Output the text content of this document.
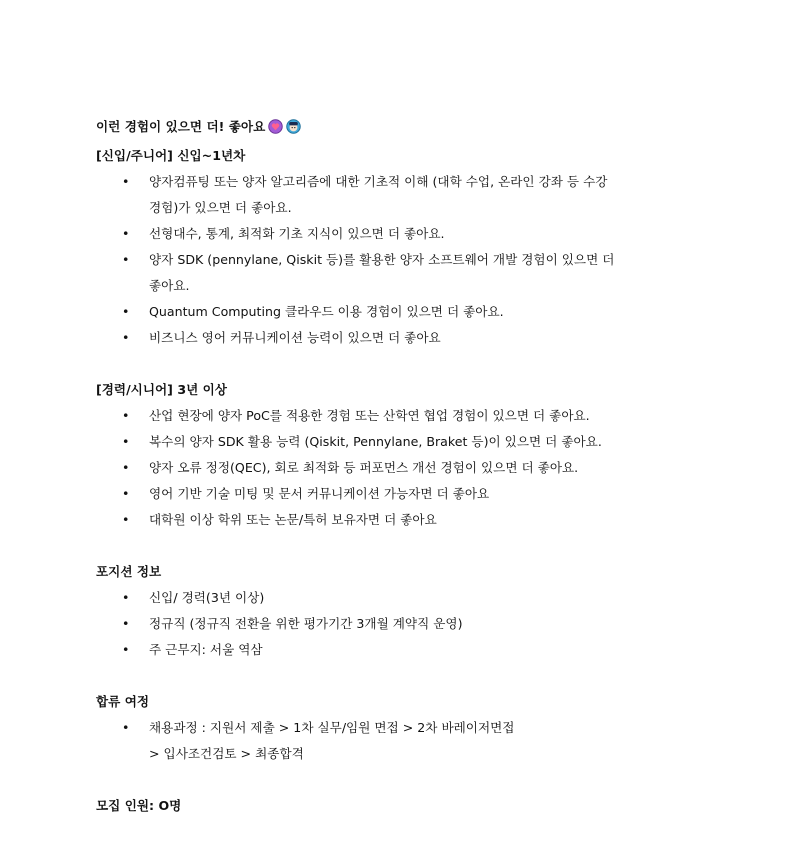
이런 경험이 있으면 더! 좋아요
[신입/주니어] 신입~1년차
•	양자컴퓨팅 또는 양자 알고리즘에 대한 기초적 이해 (대학 수업, 온라인 강좌 등 수강
경험)가 있으면 더 좋아요.
•	선형대수, 통계, 최적화 기초 지식이 있으면 더 좋아요.
•	양자 SDK (pennylane, Qiskit 등)를 활용한 양자 소프트웨어 개발 경험이 있으면 더
좋아요.
•	Quantum Computing 클라우드 이용 경험이 있으면 더 좋아요.
•	비즈니스 영어 커뮤니케이션 능력이 있으면 더 좋아요
[경력/시니어] 3년 이상
•	산업 현장에 양자 PoC를 적용한 경험 또는 산학연 협업 경험이 있으면 더 좋아요.
•	복수의 양자 SDK 활용 능력 (Qiskit, Pennylane, Braket 등)이 있으면 더 좋아요.
•	양자 오류 정정(QEC), 회로 최적화 등 퍼포먼스 개선 경험이 있으면 더 좋아요.
•	영어 기반 기술 미팅 및 문서 커뮤니케이션 가능자면 더 좋아요
•	대학원 이상 학위 또는 논문/특허 보유자면 더 좋아요
포지션 정보
•	신입/ 경력(3년 이상)
•	정규직 (정규직 전환을 위한 평가기간 3개월 계약직 운영)
•	주 근무지: 서울 역삼
합류 여정
•	채용과정 : 지원서 제출 > 1차 실무/임원 면접 > 2차 바레이저면접
> 입사조건검토 > 최종합격
모집 인원: O명
